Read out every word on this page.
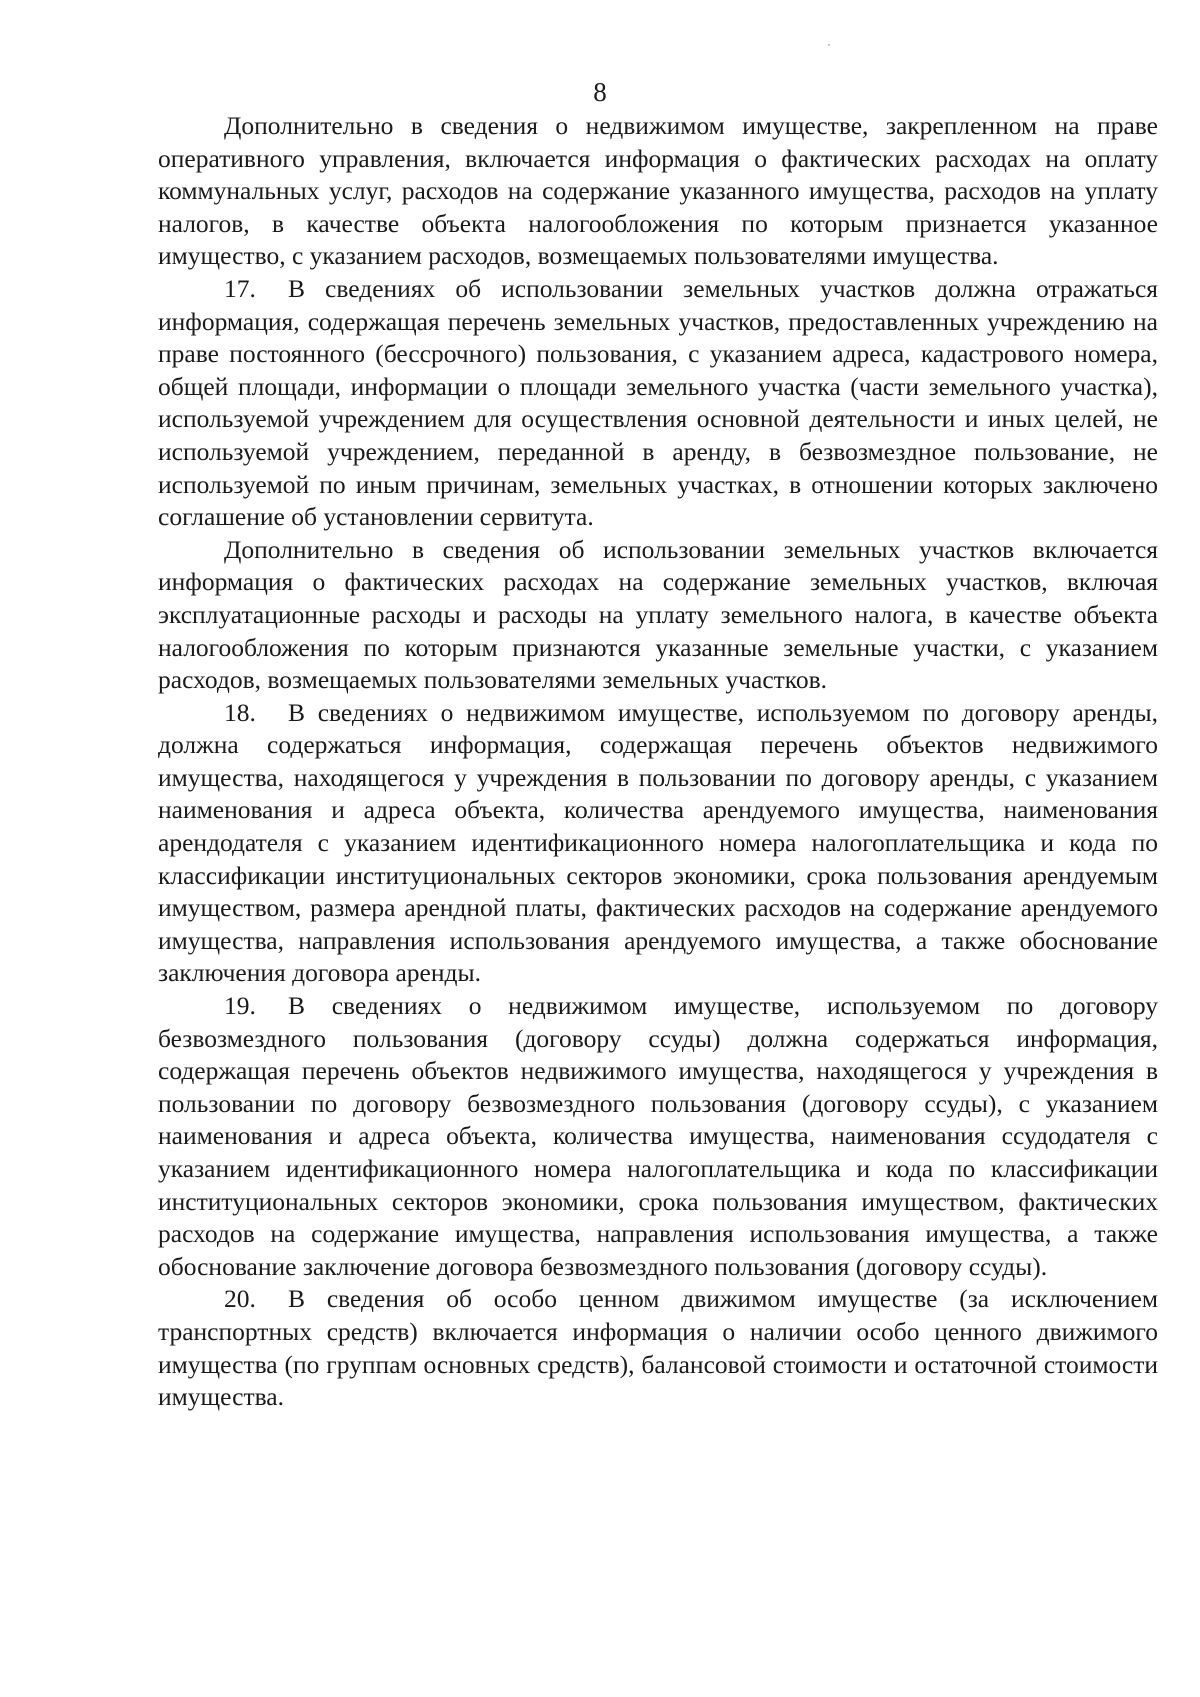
8

Дополнительно в сведения о недвижимом имуществе, закрепленном на праве оперативного управления, включается информация о фактических расходах на оплату коммунальных услуг, расходов на содержание указанного имущества, расходов на уплату налогов, в качестве объекта налогообложения по которым признается указанное имущество, с указанием расходов, возмещаемых пользователями имущества.

17. В сведениях об использовании земельных участков должна отражаться информация, содержащая перечень земельных участков, предоставленных учреждению на праве постоянного (бессрочного) пользования, с указанием адреса, кадастрового номера, общей площади, информации о площади земельного участка (части земельного участка), используемой учреждением для осуществления основной деятельности и иных целей, не используемой учреждением, переданной в аренду, в безвозмездное пользование, не используемой по иным причинам, земельных участках, в отношении которых заключено соглашение об установлении сервитута.

Дополнительно в сведения об использовании земельных участков включается информация о фактических расходах на содержание земельных участков, включая эксплуатационные расходы и расходы на уплату земельного налога, в качестве объекта налогообложения по которым признаются указанные земельные участки, с указанием расходов, возмещаемых пользователями земельных участков.

18. В сведениях о недвижимом имуществе, используемом по договору аренды, должна содержаться информация, содержащая перечень объектов недвижимого имущества, находящегося у учреждения в пользовании по договору аренды, с указанием наименования и адреса объекта, количества арендуемого имущества, наименования арендодателя с указанием идентификационного номера налогоплательщика и кода по классификации институциональных секторов экономики, срока пользования арендуемым имуществом, размера арендной платы, фактических расходов на содержание арендуемого имущества, направления использования арендуемого имущества, а также обоснование заключения договора аренды.

19. В сведениях о недвижимом имуществе, используемом по договору безвозмездного пользования (договору ссуды) должна содержаться информация, содержащая перечень объектов недвижимого имущества, находящегося у учреждения в пользовании по договору безвозмездного пользования (договору ссуды), с указанием наименования и адреса объекта, количества имущества, наименования ссудодателя с указанием идентификационного номера налогоплательщика и кода по классификации институциональных секторов экономики, срока пользования имуществом, фактических расходов на содержание имущества, направления использования имущества, а также обоснование заключение договора безвозмездного пользования (договору ссуды).

20. В сведения об особо ценном движимом имуществе (за исключением транспортных средств) включается информация о наличии особо ценного движимого имущества (по группам основных средств), балансовой стоимости и остаточной стоимости имущества.
